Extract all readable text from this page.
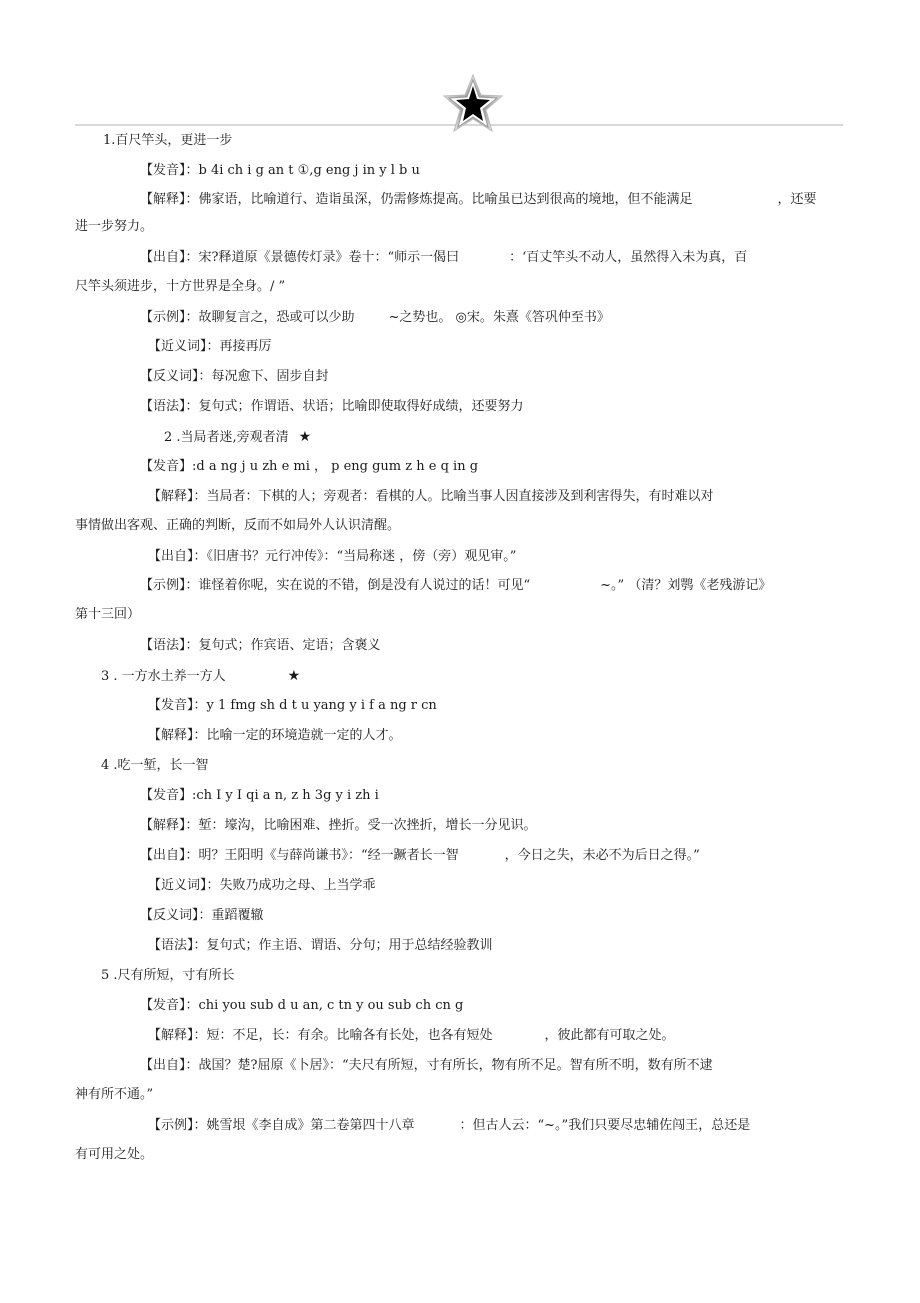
1.百尺竿头，更进一步
【发音】：b 4i ch i g an t ①,g eng j in y l b u
【解释】：佛家语，比喻道行、造诣虽深，仍需修炼提高。比喻虽已达到很高的境地，但不能满足	，还要
进一步努力。
【出自】：宋?释道原《景德传灯录》卷十：“师示一偈曰	：‘百丈竿头不动人，虽然得入未为真，百
尺竿头须进步，十方世界是全身。/ ”
【示例】：故聊复言之，恐或可以少助	~之势也。 ◎宋。朱熹《答巩仲至书》
【近义词】：再接再厉
【反义词】：每况愈下、固步自封
【语法】：复句式；作谓语、状语；比喻即使取得好成绩，还要努力
2 .当局者迷,旁观者清 ★
【发音】:d a ng j u zh e mi ， p eng gum z h e q in g
【解释】：当局者：下棋的人；旁观者：看棋的人。比喻当事人因直接涉及到利害得失，有时难以对
事情做出客观、正确的判断，反而不如局外人认识清醒。
【出自】：《旧唐书？元行冲传》：“当局称迷 ，傍（旁）观见审。”
【示例】：谁怪着你呢，实在说的不错，倒是没有人说过的话！可见“	~。” （清？刘鹗《老残游记》
第十三回）
【语法】：复句式；作宾语、定语；含褒义
3 . 一方水土养一方人	★
【发音】：y 1 fmg sh d t u yang y i f a ng r cn
【解释】：比喻一定的环境造就一定的人才。
4 .吃一堑，长一智
【发音】:ch I y I qi a n, z h 3g y i zh i
【解释】：堑：壕沟，比喻困难、挫折。受一次挫折，增长一分见识。
【出自】：明？王阳明《与薛尚谦书》：“经一蹶者长一智	，今日之失，未必不为后日之得。”
【近义词】：失败乃成功之母、上当学乖
【反义词】：重蹈覆辙
【语法】：复句式；作主语、谓语、分句；用于总结经验教训
5 .尺有所短，寸有所长
【发音】：chi you sub d u an, c tn y ou sub ch cn g
【解释】：短：不足，长：有余。比喻各有长处，也各有短处	，彼此都有可取之处。
【出自】：战国？楚?屈原《卜居》：“夫尺有所短，寸有所长，物有所不足。智有所不明，数有所不逮
神有所不通。”
【示例】：姚雪垠《李自成》第二卷第四十八章	：但古人云：“~。”我们只要尽忠辅佐闯王，总还是
有可用之处。
